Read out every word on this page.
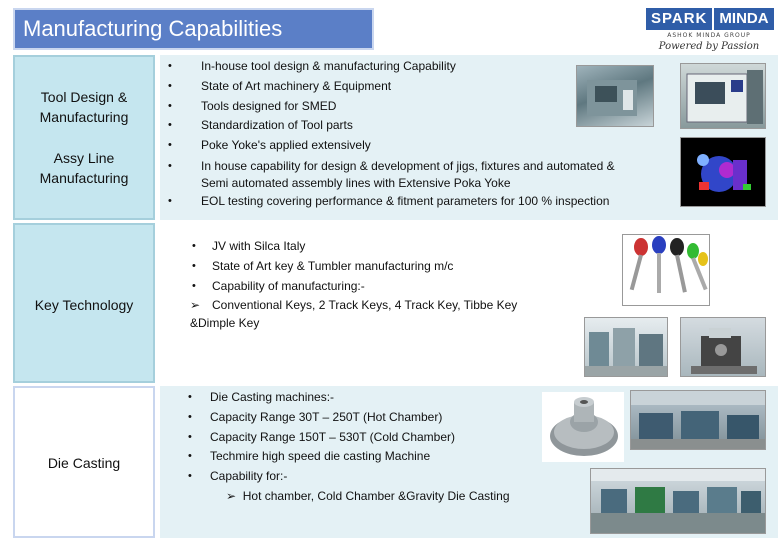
Manufacturing Capabilities	SPARK MINDA
ASHOK MINDA GROUP
Powered by Passion
Tool Design & Manufacturing
Assy Line Manufacturing
Key Technology
Die Casting
• In-house tool design & manufacturing Capability
• State of Art machinery & Equipment
• Tools designed for SMED
• Standardization of Tool parts
• Poke Yoke's applied extensively
• In house capability for design & development of jigs, fixtures and automated & Semi automated assembly lines with Extensive Poka Yoke
• EOL testing covering performance & fitment parameters for 100 % inspection
• JV with Silca Italy
• State of Art key & Tumbler manufacturing m/c
• Capability of manufacturing:-
➢ Conventional Keys, 2 Track Keys, 4 Track Key, Tibbe Key &Dimple Key
• Die Casting machines:-
• Capacity Range 30T – 250T (Hot Chamber)
• Capacity Range 150T – 530T (Cold Chamber)
• Techmire high speed die casting Machine
• Capability for:-
➢ Hot chamber, Cold Chamber &Gravity Die Casting
